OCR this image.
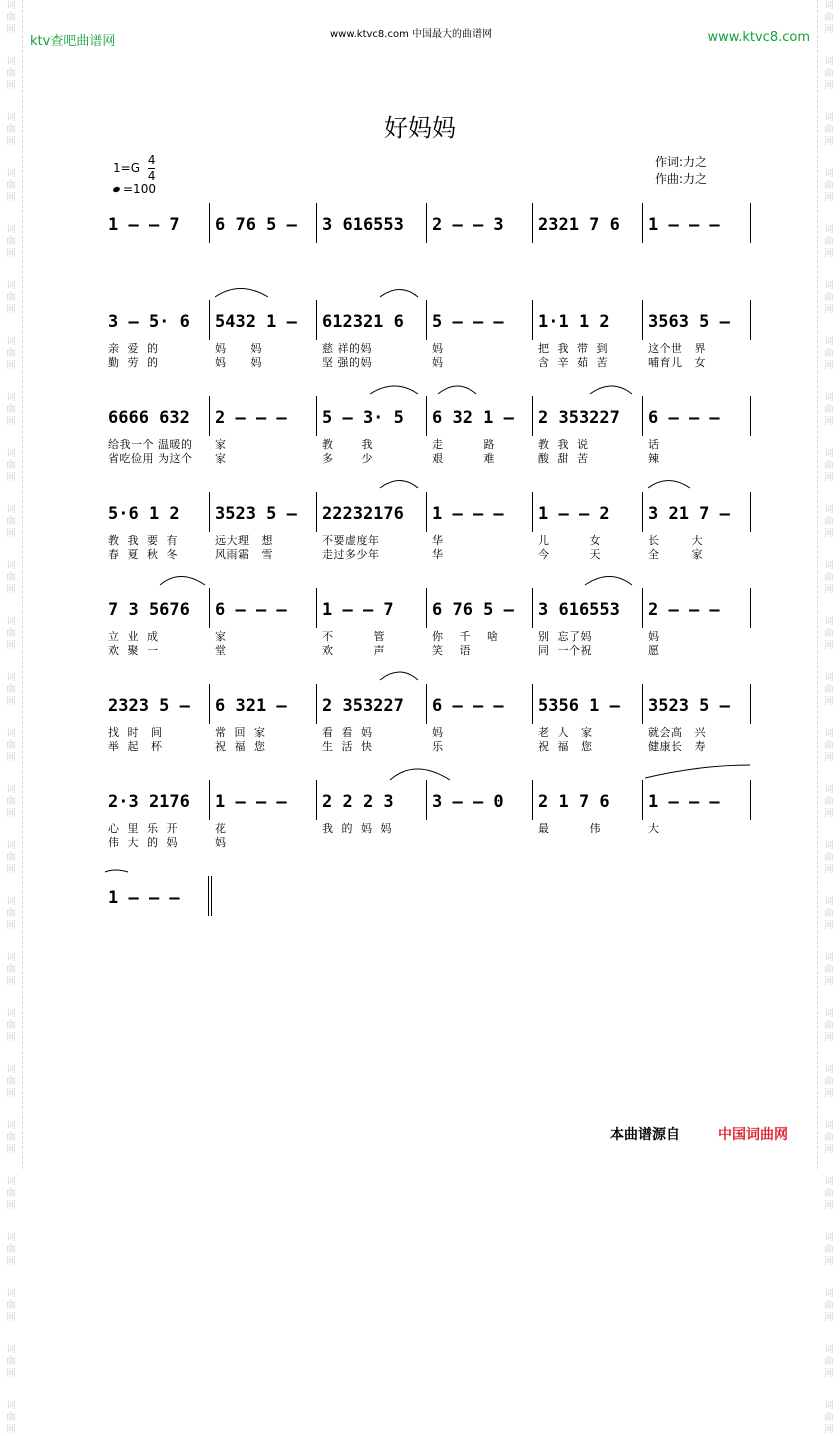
词
曲
网
词
曲
网
词
曲
网
词
曲
网
词
曲
网
词
曲
网
词
曲
网
词
曲
网
词
曲
网
词
曲
网
词
曲
网
词
曲
网
词
曲
网
词
曲
网
词
曲
网
词
曲
网
词
曲
网
词
曲
网
词
曲
网
词
曲
网
词
曲
网
词
曲
网
词
曲
网
词
曲
网
词
曲
网
词
曲
网
词
曲
网
词
曲
网
词
曲
网
词
曲
网
词
曲
网
词
曲
网
词
曲
网
词
曲
网
词
曲
网
词
曲
网
词
曲
网
词
曲
网
词
曲
网
词
曲
网
词
曲
网
词
曲
网
词
曲
网
词
曲
网
词
曲
网
词
曲
网
词
曲
网
词
曲
网
词
曲
网
词
曲
网
词
曲
网
词
曲
网
ktv查吧曲谱网	www.ktvc8.com 中国最大的曲谱网	www.ktvc8.com
好妈妈
$1=G \frac{4}{4}$
=100
作词:力之
作曲:力之
1 — — 7 6 76 5 — 3 616553 2 — — 3 2321 7 6 1 — — —
3 — 5· 6
亲  爱  的
勤  劳  的
5432 1 —
妈      妈
妈      妈
612321 6
慈 祥的妈
坚 强的妈
5 — — —
妈
妈
1·1 1 2
把  我  带  到
含  辛  茹  苦
3563 5 —
这个世   界
哺育儿   女
6666 632
给我一个 温暖的
省吃俭用 为这个
2 — — —
家
家
5 — 3· 5
教       我
多       少
6 32 1 —
走          路
艰          难
2 353227
教  我  说
酸  甜  苦
6 — — —
话
辣
5·6 1 2
教  我  要  有
春  夏  秋  冬
3523 5 —
远大理   想
风雨霜   雪
22232176
不要虚度年
走过多少年
1 — — —
华
华
1 — — 2
儿          女
今          天
3 21 7 —
长        大
全        家
7 3 5676
立  业  成
欢  聚  一
6 — — —
家
堂
1 — — 7
不          管
欢          声
6 76 5 —
你    千    啥
笑    语
3 616553
别  忘了妈
同  一个祝
2 — — —
妈
愿
2323 5 —
找  时   间
举  起   杯
6 321 —
常  回  家
祝  福  您
2 353227
看  看  妈
生  活  快
6 — — —
妈
乐
5356 1 —
老  人   家
祝  福   您
3523 5 —
就会高   兴
健康长   寿
2·3 2176
心  里  乐  开
伟  大  的  妈
1 — — —
花
妈
2 2 2 3
我  的  妈  妈
3 — — 0 2 1 7 6
最          伟
1 — — —
大
1 — — —
本曲谱源自	中国词曲网
